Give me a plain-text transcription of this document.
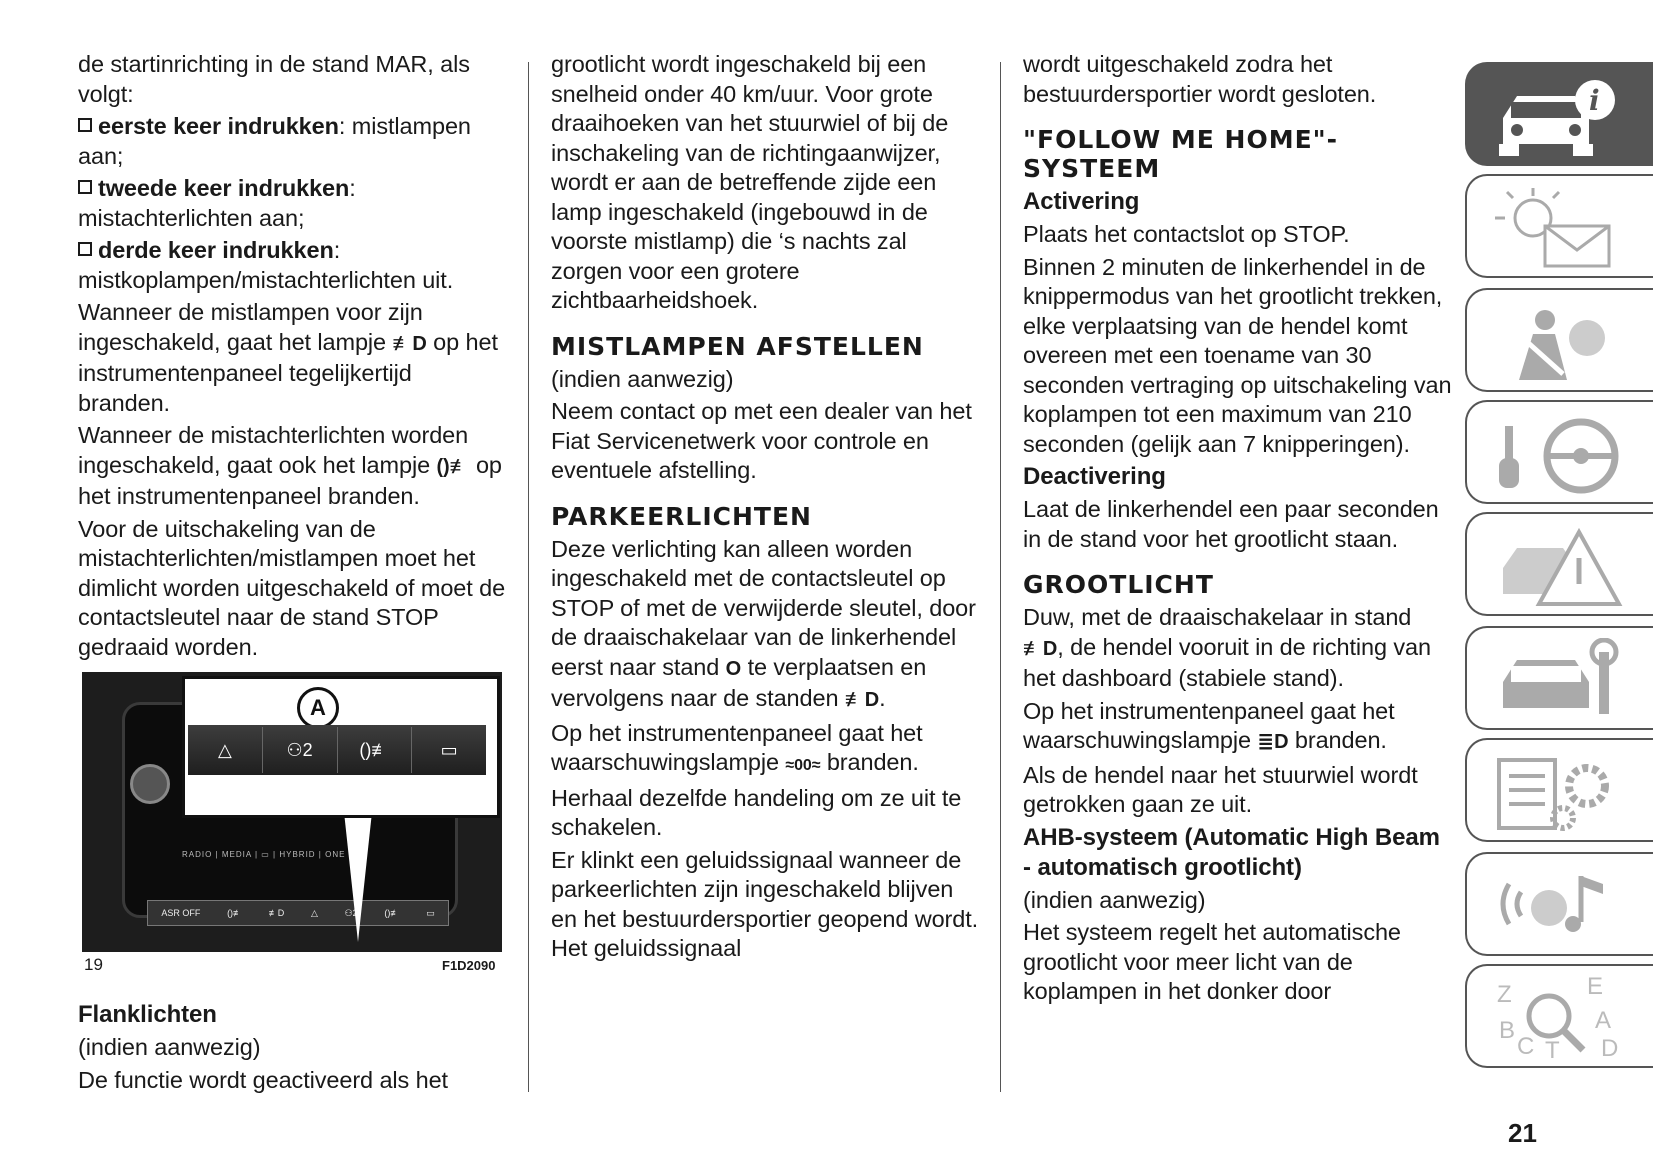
de startinrichting in de stand MAR, als volgt:

eerste keer indrukken: mistlampen aan;

tweede keer indrukken: mistachterlichten aan;

derde keer indrukken: mistkoplampen/mistachterlichten uit.

Wanneer de mistlampen voor zijn ingeschakeld, gaat het lampje ≢D op het instrumentenpaneel tegelijkertijd branden.

Wanneer de mistachterlichten worden ingeschakeld, gaat ook het lampje ()≢ op het instrumentenpaneel branden.

Voor de uitschakeling van de mistachterlichten/mistlampen moet het dimlicht worden uitgeschakeld of moet de contactsleutel naar de stand STOP gedraaid worden.

RADIO | MEDIA | ▭ | HYBRID | ONE
ASR OFF	()≢	≢D	△	⚇2	()≢	▭
A
△	⚇2	()≢	▭
19	F1D2090

Flanklichten

(indien aanwezig)

De functie wordt geactiveerd als het

grootlicht wordt ingeschakeld bij een snelheid onder 40 km/uur. Voor grote draaihoeken van het stuurwiel of bij de inschakeling van de richtingaanwijzer, wordt er aan de betreffende zijde een lamp ingeschakeld (ingebouwd in de voorste mistlamp) die ‘s nachts zal zorgen voor een grotere zichtbaarheidshoek.

MISTLAMPEN AFSTELLEN

(indien aanwezig)

Neem contact op met een dealer van het Fiat Servicenetwerk voor controle en eventuele afstelling.

PARKEERLICHTEN

Deze verlichting kan alleen worden ingeschakeld met de contactsleutel op STOP of met de verwijderde sleutel, door de draaischakelaar van de linkerhendel eerst naar stand O te verplaatsen en vervolgens naar de standen ≢D.

Op het instrumentenpaneel gaat het waarschuwingslampje ≈00≈ branden.

Herhaal dezelfde handeling om ze uit te schakelen.

Er klinkt een geluidssignaal wanneer de parkeerlichten zijn ingeschakeld blijven en het bestuurdersportier geopend wordt. Het geluidssignaal

wordt uitgeschakeld zodra het bestuurdersportier wordt gesloten.

"FOLLOW ME HOME"-SYSTEEM

Activering

Plaats het contactslot op STOP.

Binnen 2 minuten de linkerhendel in de knippermodus van het grootlicht trekken, elke verplaatsing van de hendel komt overeen met een toename van 30 seconden vertraging op uitschakeling van koplampen tot een maximum van 210 seconden (gelijk aan 7 knipperingen).

Deactivering

Laat de linkerhendel een paar seconden in de stand voor het grootlicht staan.

GROOTLICHT

Duw, met de draaischakelaar in stand ≢D, de hendel vooruit in de richting van het dashboard (stabiele stand).

Op het instrumentenpaneel gaat het waarschuwingslampje ≣D branden.

Als de hendel naar het stuurwiel wordt getrokken gaan ze uit.

AHB-systeem (Automatic High Beam - automatisch grootlicht)

(indien aanwezig)

Het systeem regelt het automatische grootlicht voor meer licht van de koplampen in het donker door

i
Z	E
B	A
C T D
21
